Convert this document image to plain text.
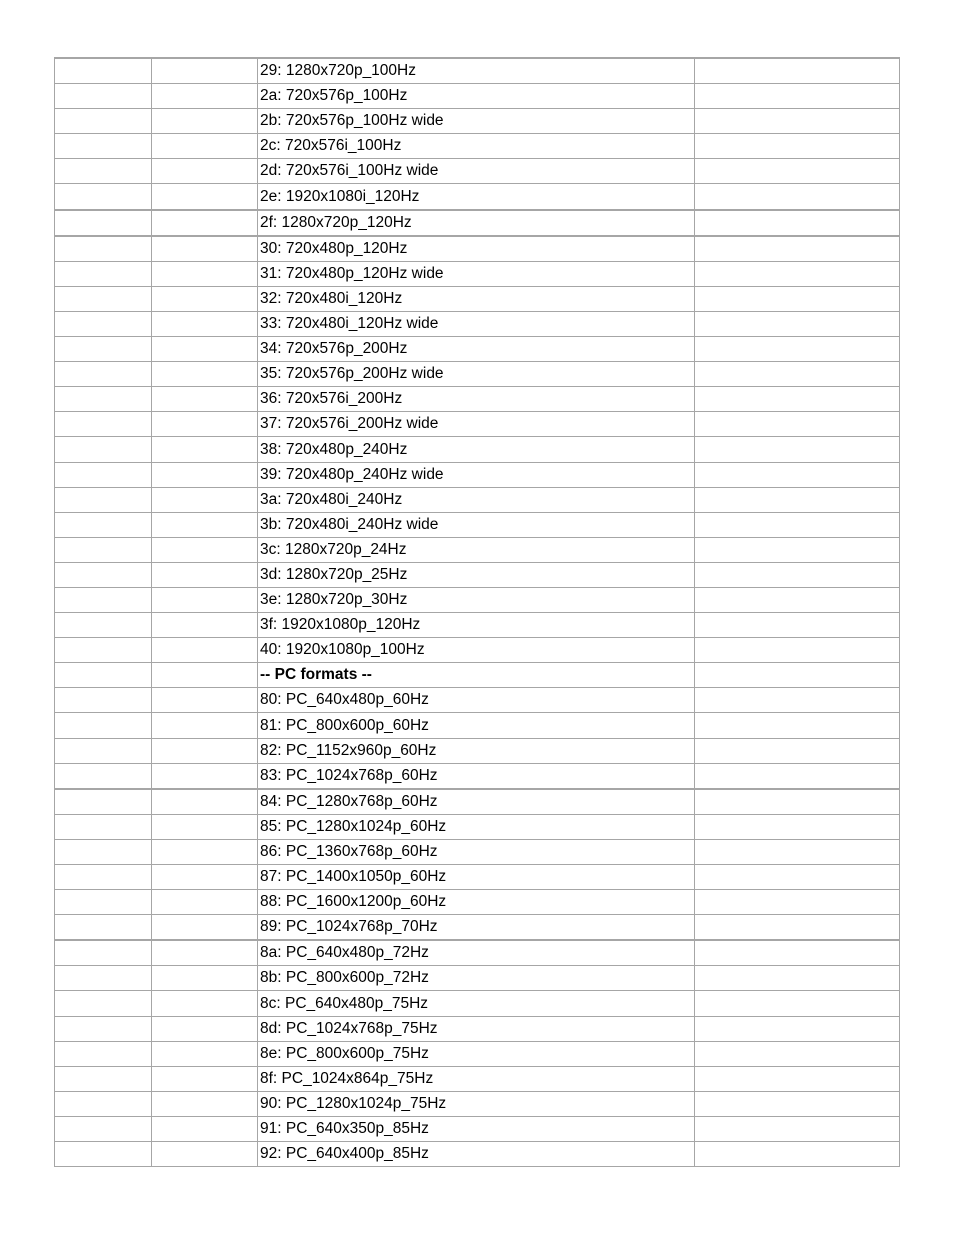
		29: 1280x720p_100Hz	
		2a: 720x576p_100Hz	
		2b: 720x576p_100Hz wide	
		2c: 720x576i_100Hz	
		2d: 720x576i_100Hz wide	
		2e: 1920x1080i_120Hz	
		2f: 1280x720p_120Hz	
		30: 720x480p_120Hz	
		31: 720x480p_120Hz wide	
		32: 720x480i_120Hz	
		33: 720x480i_120Hz wide	
		34: 720x576p_200Hz	
		35: 720x576p_200Hz wide	
		36: 720x576i_200Hz	
		37: 720x576i_200Hz wide	
		38: 720x480p_240Hz	
		39: 720x480p_240Hz wide	
		3a: 720x480i_240Hz	
		3b: 720x480i_240Hz wide	
		3c: 1280x720p_24Hz	
		3d: 1280x720p_25Hz	
		3e: 1280x720p_30Hz	
		3f: 1920x1080p_120Hz	
		40: 1920x1080p_100Hz	
		-- PC formats --	
		80: PC_640x480p_60Hz	
		81: PC_800x600p_60Hz	
		82: PC_1152x960p_60Hz	
		83: PC_1024x768p_60Hz	
		84: PC_1280x768p_60Hz	
		85: PC_1280x1024p_60Hz	
		86: PC_1360x768p_60Hz	
		87: PC_1400x1050p_60Hz	
		88: PC_1600x1200p_60Hz	
		89: PC_1024x768p_70Hz	
		8a: PC_640x480p_72Hz	
		8b: PC_800x600p_72Hz	
		8c: PC_640x480p_75Hz	
		8d: PC_1024x768p_75Hz	
		8e: PC_800x600p_75Hz	
		8f: PC_1024x864p_75Hz	
		90: PC_1280x1024p_75Hz	
		91: PC_640x350p_85Hz	
		92: PC_640x400p_85Hz	
